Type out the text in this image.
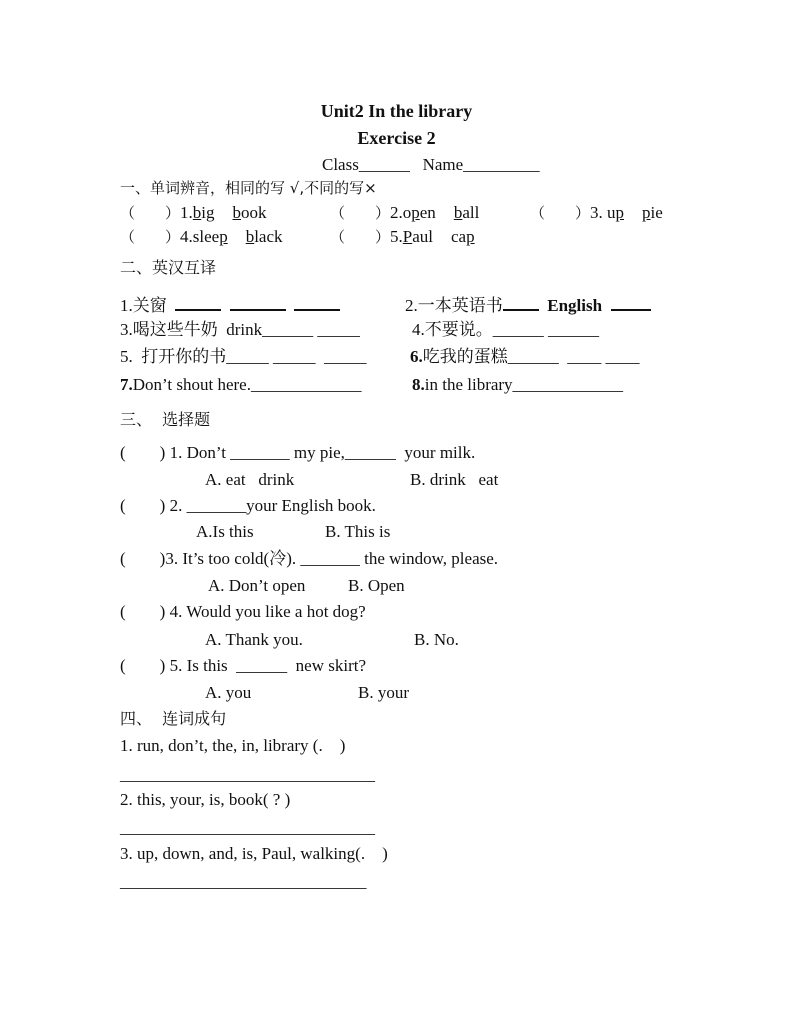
Unit2 In the library
Exercise 2
Class______ Name_________
一、单词辨音，相同的写 √,不同的写×
二、英汉互译
1.关窗	2.一本英语书	English
3.喝这些牛奶  drink______ _____	4.不要说。______ ______
5.  打开你的书_____ _____  _____	6.吃我的蛋糕______  ____ ____
7.Don’t shout here._____________	8.in the library_____________
三、  选择题
四、  连词成句
（　　）1.big book	（　　）2.open ball	（　　）3. up pie
（　　）4.sleep black	（　　）5.Paul cap
(        ) 1. Don’t _______ my pie,______  your milk.
A. eat   drink	B. drink   eat
(        ) 2. _______your English book.
A.Is this	B. This is
(        )3. It’s too cold(冷). _______ the window, please.
A. Don’t open	B. Open
(        ) 4. Would you like a hot dog?
A. Thank you.	B. No.
(        ) 5. Is this  ______  new skirt?
A. you	B. your
1. run, don’t, the, in, library (.    )
______________________________
2. this, your, is, book( ? )
______________________________
3. up, down, and, is, Paul, walking(.    )
_____________________________
